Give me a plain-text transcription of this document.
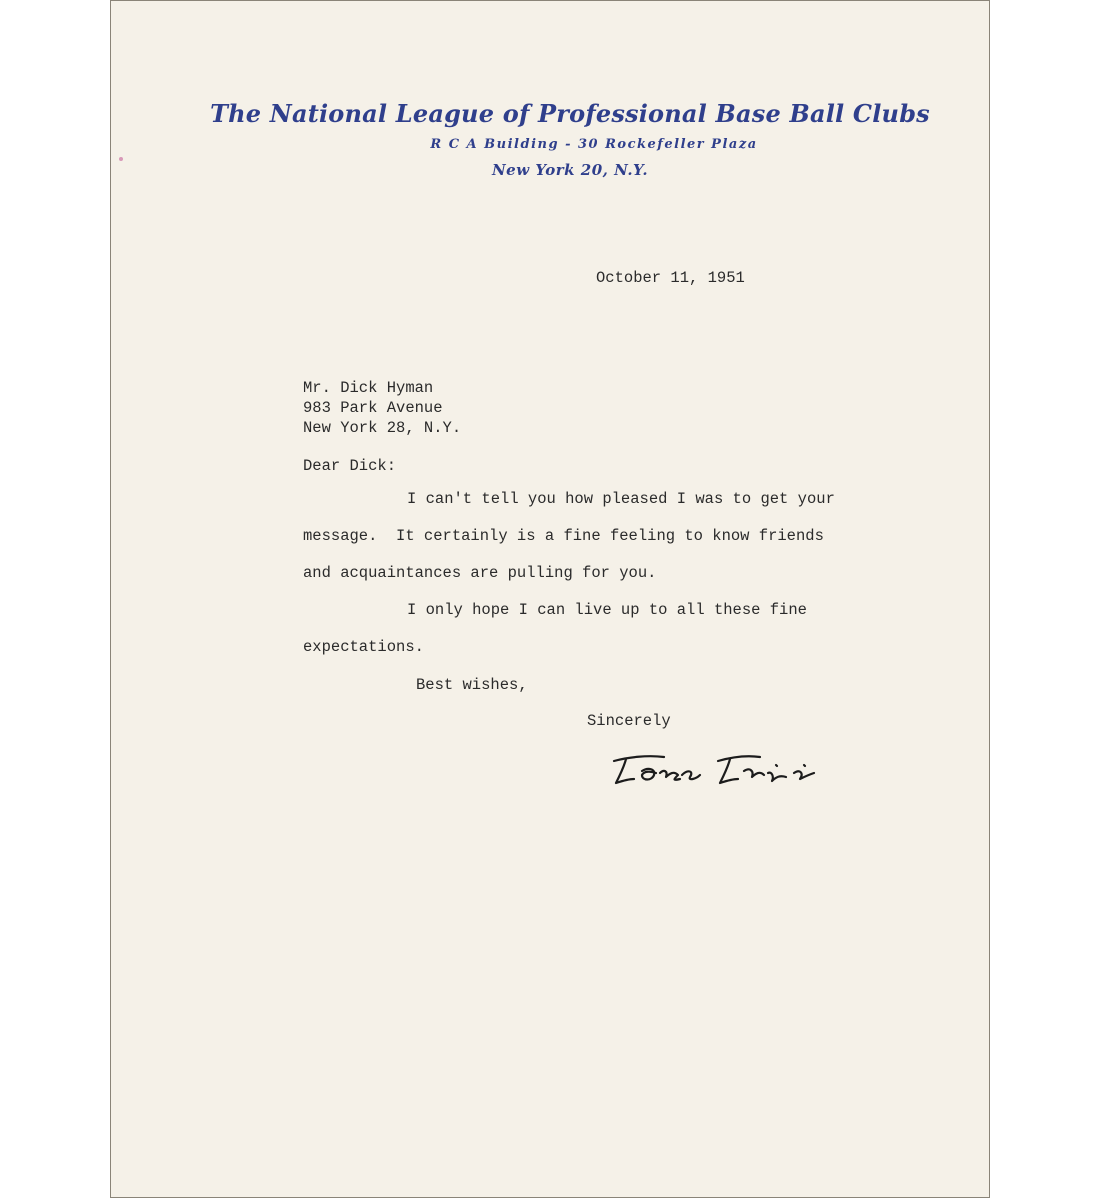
The National League of Professional Base Ball Clubs
R C A Building - 30 Rockefeller Plaza
New York 20, N.Y.
October 11, 1951
Mr. Dick Hyman
983 Park Avenue
New York 28, N.Y.
Dear Dick:
I can't tell you how pleased I was to get your
message.  It certainly is a fine feeling to know friends
and acquaintances are pulling for you.
I only hope I can live up to all these fine
expectations.
Best wishes,
Sincerely
